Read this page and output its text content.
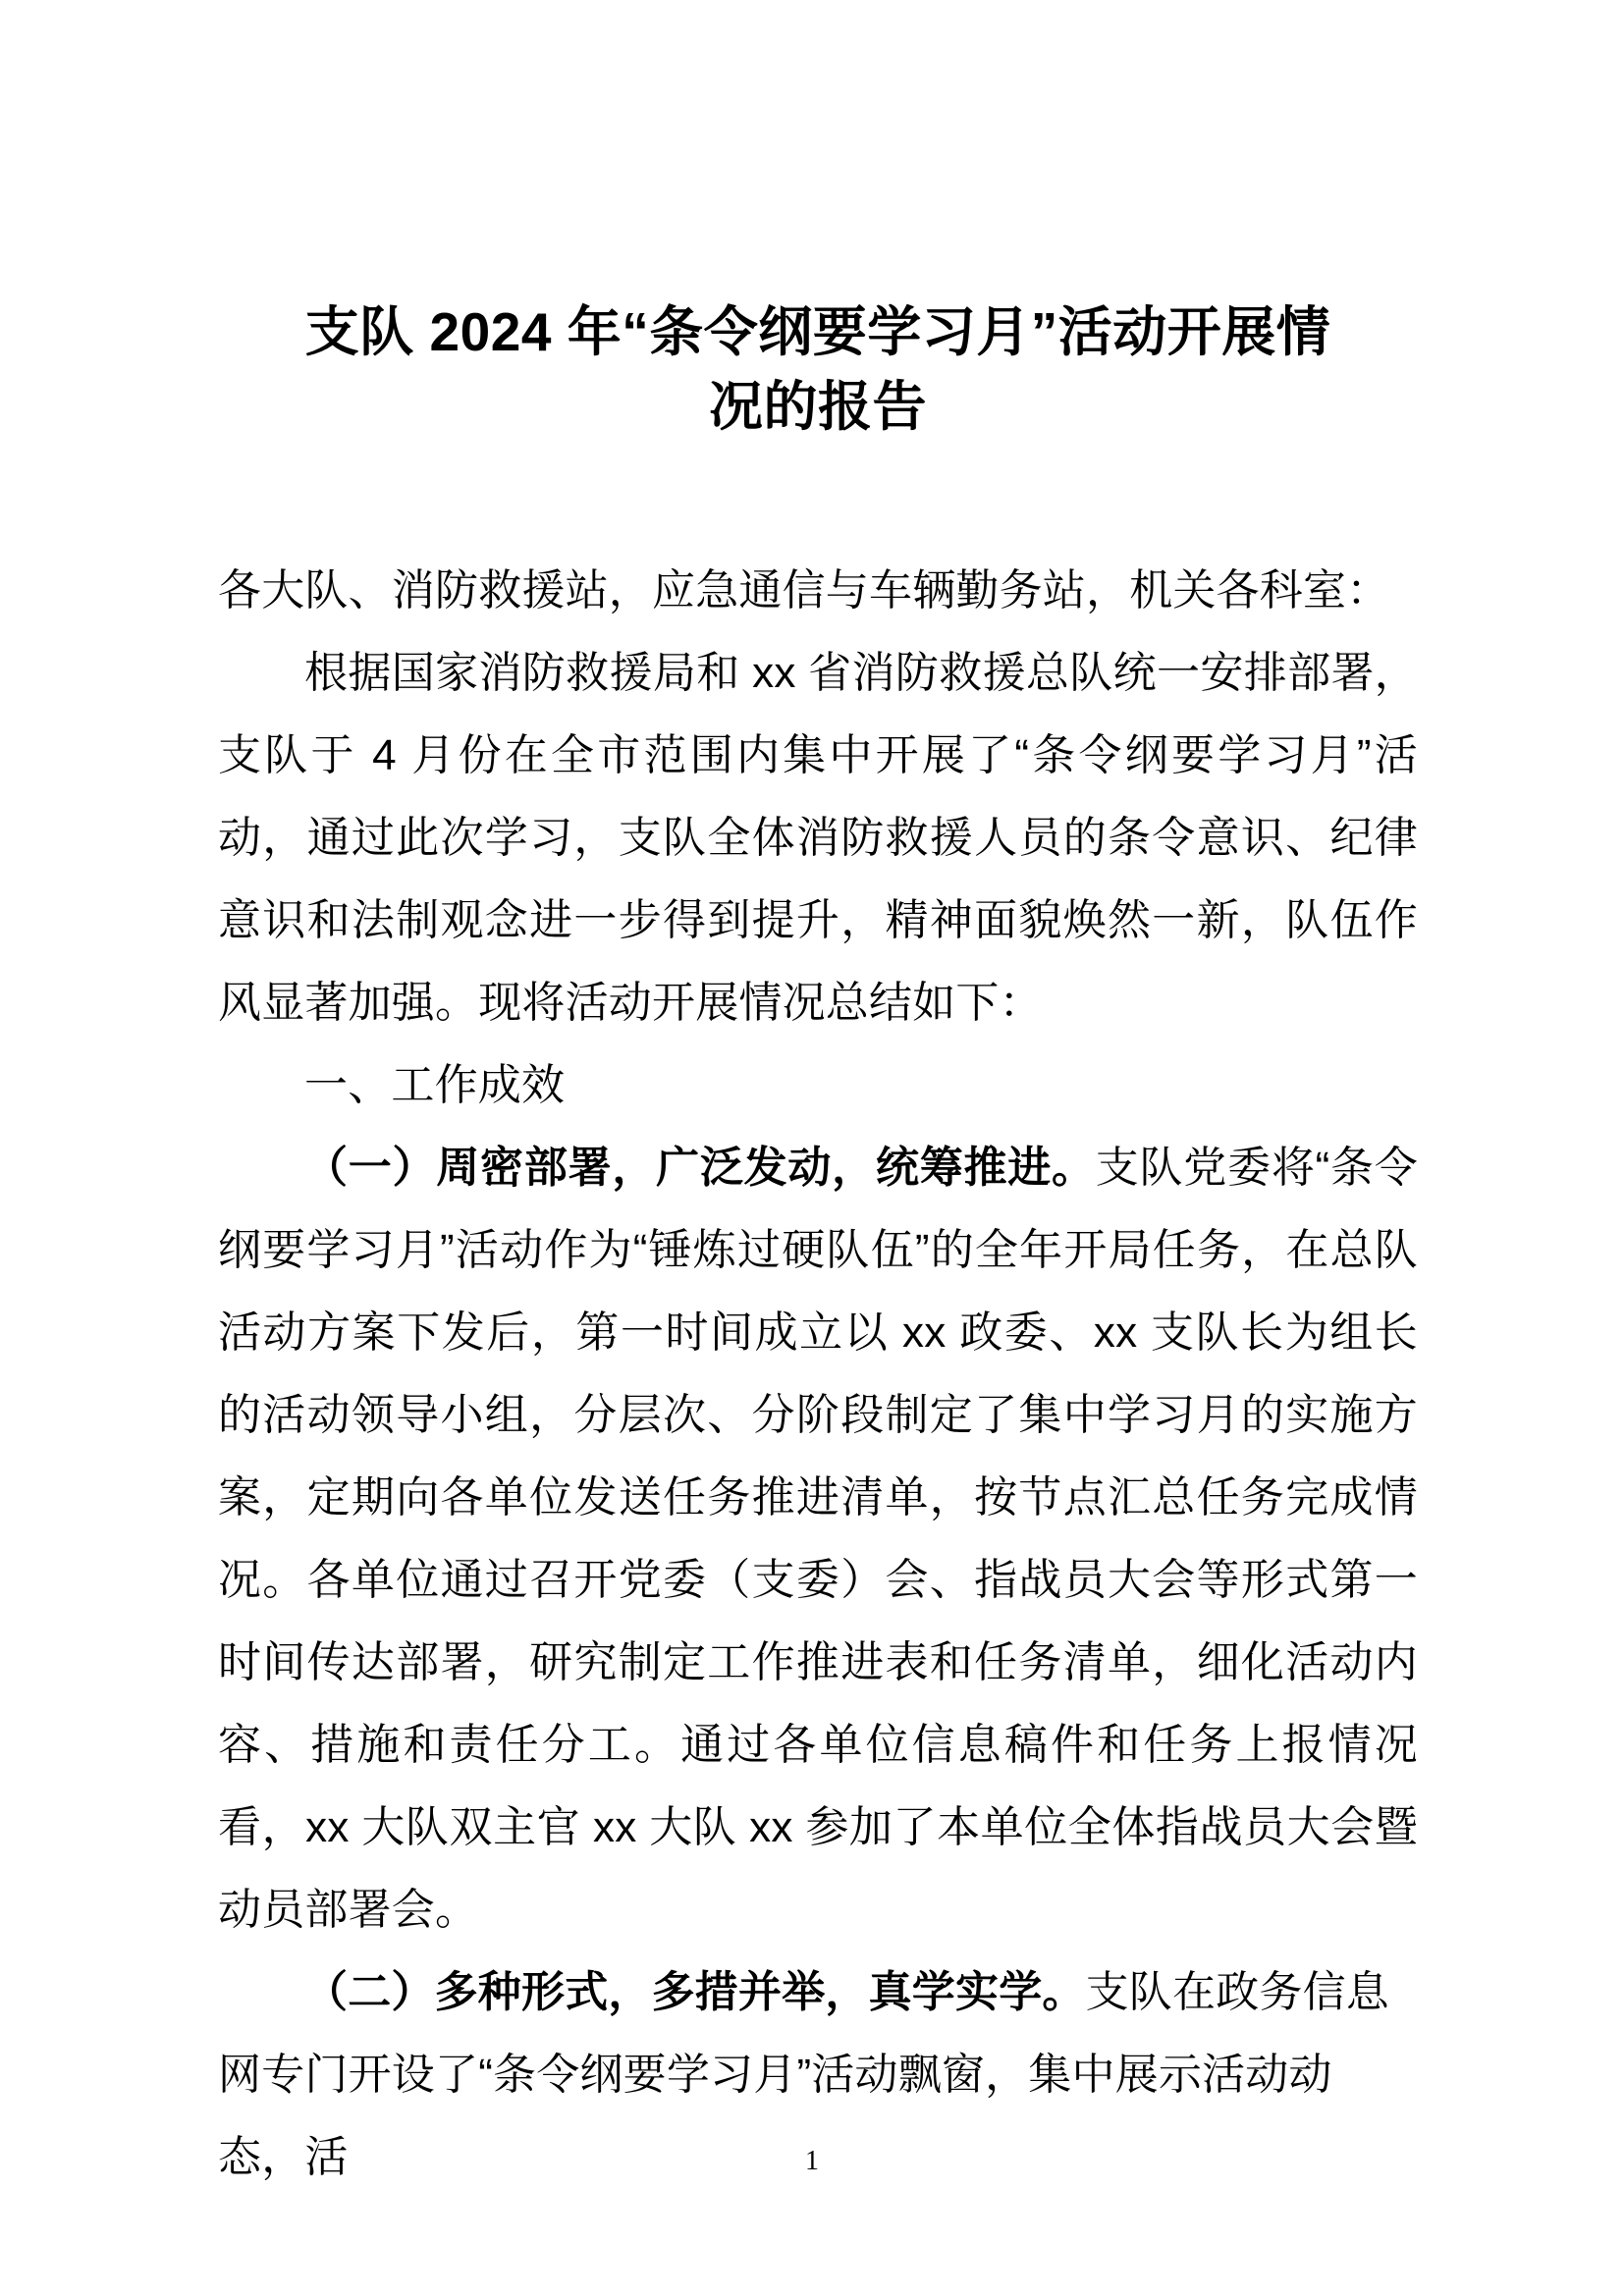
支队 2024 年“条令纲要学习月”活动开展情
况的报告

各大队、消防救援站，应急通信与车辆勤务站，机关各科室：

根据国家消防救援局和 xx 省消防救援总队统一安排部署，支队于 4 月份在全市范围内集中开展了“条令纲要学习月”活动，通过此次学习，支队全体消防救援人员的条令意识、纪律意识和法制观念进一步得到提升，精神面貌焕然一新，队伍作风显著加强。现将活动开展情况总结如下：

一、工作成效

（一）周密部署，广泛发动，统筹推进。支队党委将“条令纲要学习月”活动作为“锤炼过硬队伍”的全年开局任务，在总队活动方案下发后，第一时间成立以 xx 政委、xx 支队长为组长的活动领导小组，分层次、分阶段制定了集中学习月的实施方案，定期向各单位发送任务推进清单，按节点汇总任务完成情况。各单位通过召开党委（支委）会、指战员大会等形式第一时间传达部署，研究制定工作推进表和任务清单，细化活动内容、措施和责任分工。通过各单位信息稿件和任务上报情况看，xx 大队双主官 xx 大队 xx 参加了本单位全体指战员大会暨动员部署会。

（二）多种形式，多措并举，真学实学。支队在政务信息网专门开设了“条令纲要学习月”活动飘窗，集中展示活动动态，活	1
